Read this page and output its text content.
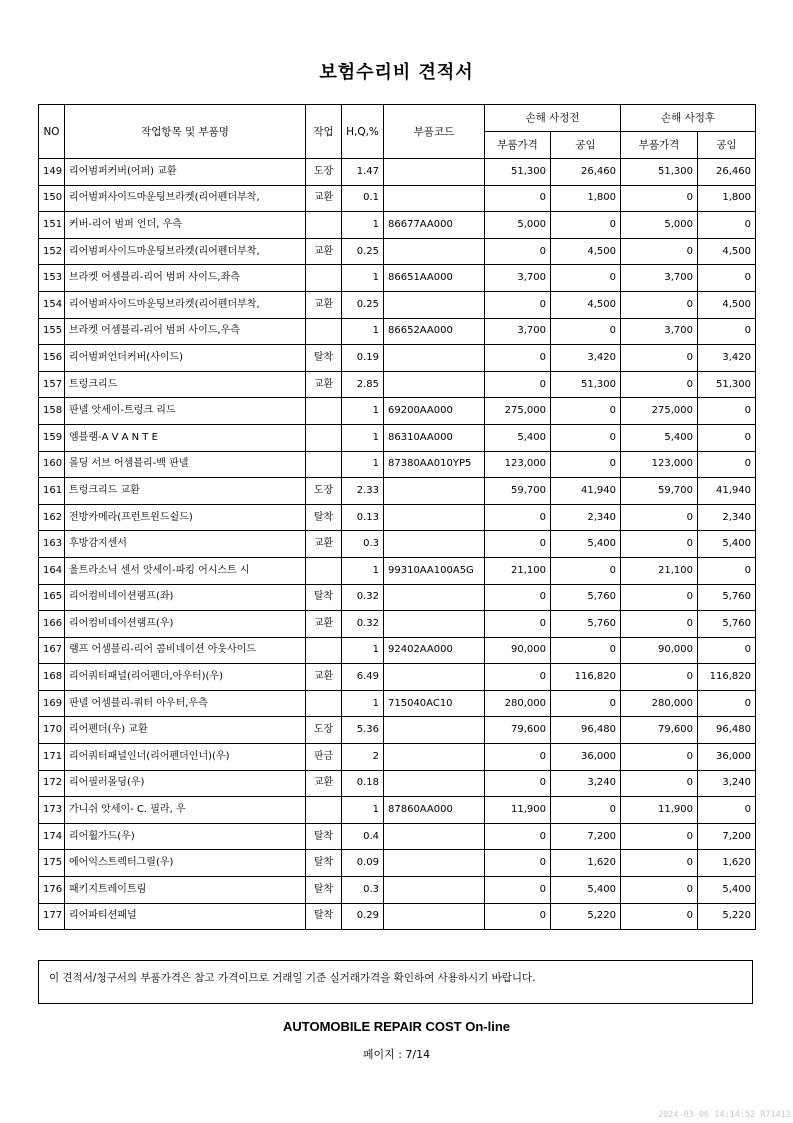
보험수리비 견적서
NO	작업항목 및 부품명	작업	H,Q,%	부품코드	손해 사정전		손해 사정후	
					부품가격	공임	부품가격	공임
149	리어범퍼커버(어퍼) 교환	도장	1.47		51,300	26,460	51,300	26,460
150	리어범퍼사이드마운팅브라켓(리어펜더부착,	교환	0.1		0	1,800	0	1,800
151	커버-리어 범퍼 언더, 우측		1	86677AA000	5,000	0	5,000	0
152	리어범퍼사이드마운팅브라켓(리어펜더부착,	교환	0.25		0	4,500	0	4,500
153	브라켓 어셈블리-리어 범퍼 사이드,좌측		1	86651AA000	3,700	0	3,700	0
154	리어범퍼사이드마운팅브라켓(리어펜더부착,	교환	0.25		0	4,500	0	4,500
155	브라켓 어셈블리-리어 범퍼 사이드,우측		1	86652AA000	3,700	0	3,700	0
156	리어범퍼언더커버(사이드)	탈착	0.19		0	3,420	0	3,420
157	트렁크리드	교환	2.85		0	51,300	0	51,300
158	판넬 앗세이-트렁크 리드		1	69200AA000	275,000	0	275,000	0
159	엠블램-A V A N T E		1	86310AA000	5,400	0	5,400	0
160	몰딩 서브 어셈블리-백 판넬		1	87380AA010YP5	123,000	0	123,000	0
161	트렁크리드 교환	도장	2.33		59,700	41,940	59,700	41,940
162	전방카메라(프런트윈드쉴드)	탈착	0.13		0	2,340	0	2,340
163	후방감지센서	교환	0.3		0	5,400	0	5,400
164	울트라소닉 센서 앗세이-파킹 어시스트 시		1	99310AA100A5G	21,100	0	21,100	0
165	리어컴비네이션램프(좌)	탈착	0.32		0	5,760	0	5,760
166	리어컴비네이션램프(우)	교환	0.32		0	5,760	0	5,760
167	램프 어셈블리-리어 콤비네이션 아웃사이드		1	92402AA000	90,000	0	90,000	0
168	리어쿼터패널(리어펜더,아우터)(우)	교환	6.49		0	116,820	0	116,820
169	판넬 어셈블리-쿼터 아우터,우측		1	715040AC10	280,000	0	280,000	0
170	리어펜더(우) 교환	도장	5.36		79,600	96,480	79,600	96,480
171	리어쿼터패널인너(리어펜더인너)(우)	판금	2		0	36,000	0	36,000
172	리어필러몰딩(우)	교환	0.18		0	3,240	0	3,240
173	가니쉬 앗세이- C. 필라, 우		1	87860AA000	11,900	0	11,900	0
174	리어휠가드(우)	탈착	0.4		0	7,200	0	7,200
175	에어익스트렉터그릴(우)	탈착	0.09		0	1,620	0	1,620
176	패키지트레이트림	탈착	0.3		0	5,400	0	5,400
177	리어파티션패널	탈착	0.29		0	5,220	0	5,220
이 견적서/청구서의 부품가격은 참고 가격이므로 거래일 기준 실거래가격을 확인하여 사용하시기 바랍니다.
AUTOMOBILE REPAIR COST On-line
페이지 : 7/14
2024-03-06 14:14:52 R71412
